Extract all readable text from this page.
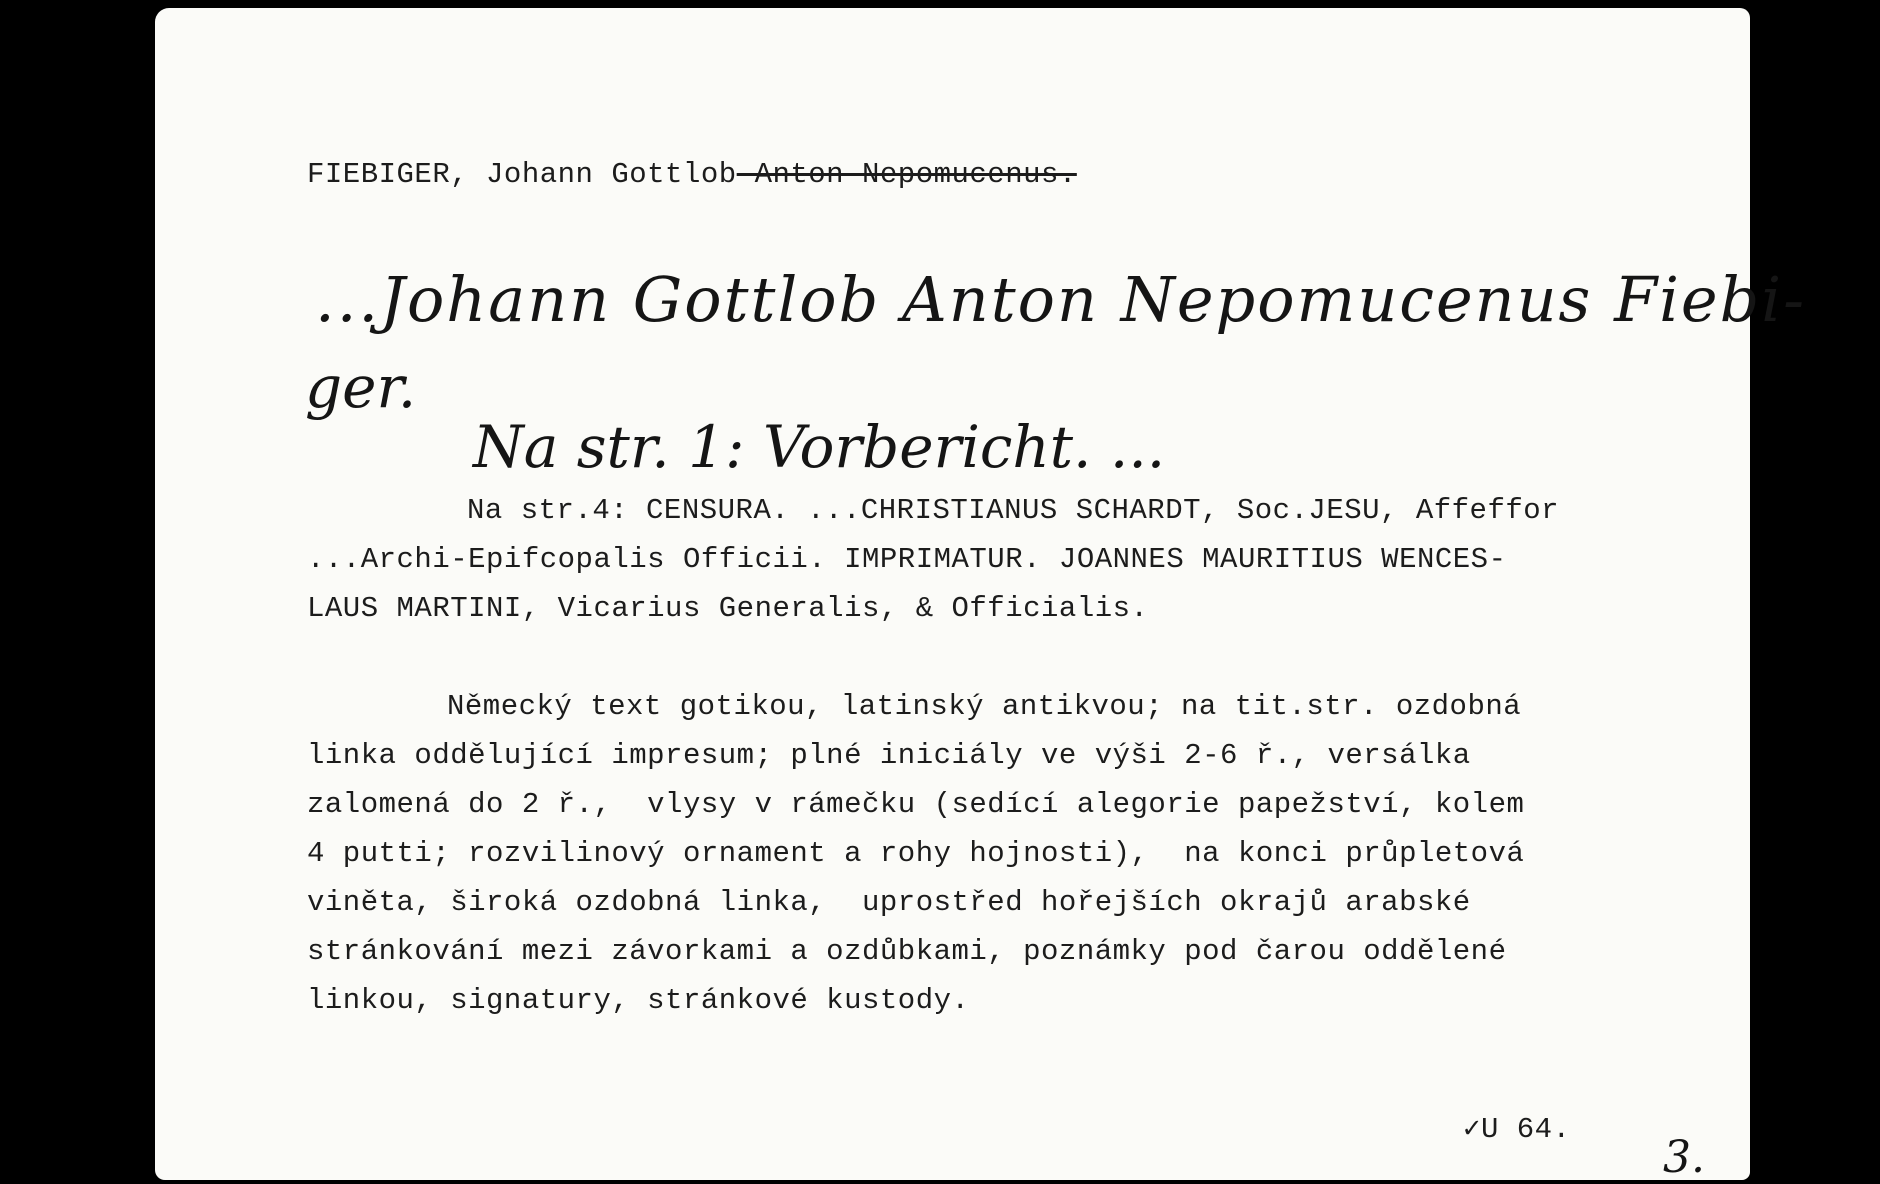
FIEBIGER, Johann Gottlob Anton Nepomucenus.
...Johann Gottlob Anton Nepomucenus Fiebi-
ger.
Na str. 1: Vorbericht. ...
Na str.4: CENSURA. ...CHRISTIANUS SCHARDT, Soc.JESU, Affeffor
...Archi-Epifcopalis Officii. IMPRIMATUR. JOANNES MAURITIUS WENCES-
LAUS MARTINI, Vicarius Generalis, & Officialis.
Německý text gotikou, latinský antikvou; na tit.str. ozdobná
linka oddělující impresum; plné iniciály ve výši 2-6 ř., versálka
zalomená do 2 ř.,  vlysy v rámečku (sedící alegorie papežství, kolem
4 putti; rozvilinový ornament a rohy hojnosti),  na konci průpletová
viněta, široká ozdobná linka,  uprostřed hořejších okrajů arabské
stránkování mezi závorkami a ozdůbkami, poznámky pod čarou oddělené
linkou, signatury, stránkové kustody.
✓U 64.
3.
